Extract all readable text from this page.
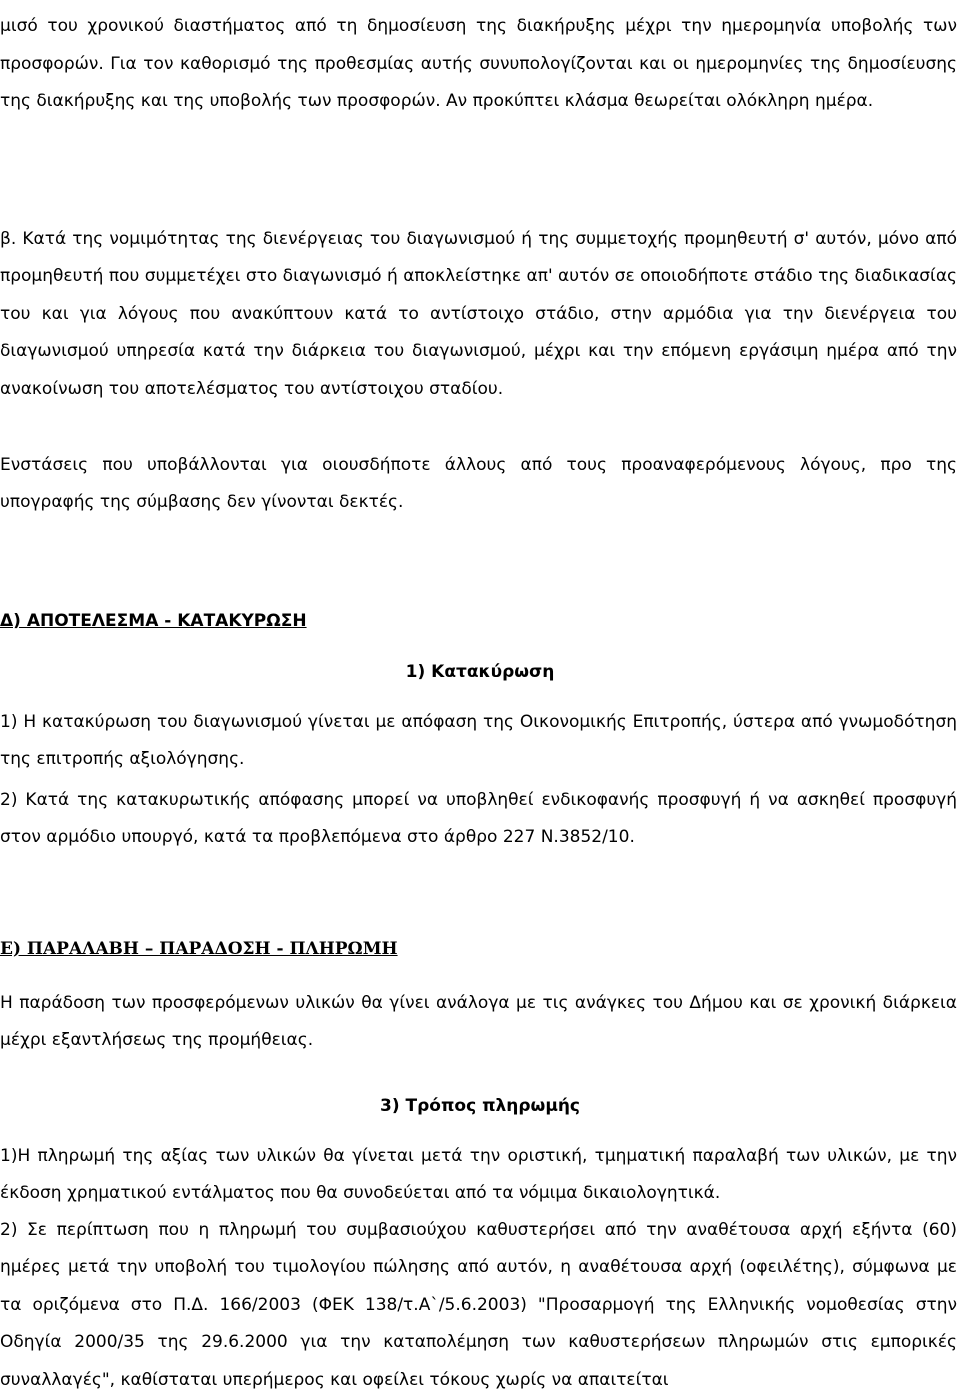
μισό του χρονικού διαστήματος από τη δημοσίευση της διακήρυξης μέχρι την ημερομηνία υποβολής των προσφορών. Για τον καθορισμό της προθεσμίας αυτής συνυπολογίζονται και οι ημερομηνίες της δημοσίευσης της διακήρυξης και της υποβολής των προσφορών. Αν προκύπτει κλάσμα θεωρείται ολόκληρη ημέρα.

β. Κατά της νομιμότητας της διενέργειας του διαγωνισμού ή της συμμετοχής προμηθευτή σ' αυτόν, μόνο από προμηθευτή που συμμετέχει στο διαγωνισμό ή αποκλείστηκε απ' αυτόν σε οποιοδήποτε στάδιο της διαδικασίας του και για λόγους που ανακύπτουν κατά το αντίστοιχο στάδιο, στην αρμόδια για την διενέργεια του διαγωνισμού υπηρεσία κατά την διάρκεια του διαγωνισμού, μέχρι και την επόμενη εργάσιμη ημέρα από την ανακοίνωση του αποτελέσματος του αντίστοιχου σταδίου.

Ενστάσεις που υποβάλλονται για οιουσδήποτε άλλους από τους προαναφερόμενους λόγους, προ της υπογραφής της σύμβασης δεν γίνονται δεκτές.

Δ) ΑΠΟΤΕΛΕΣΜΑ - ΚΑΤΑΚΥΡΩΣΗ
1) Κατακύρωση

1) Η κατακύρωση του διαγωνισμού γίνεται με απόφαση της Οικονομικής Επιτροπής, ύστερα από γνωμοδότηση της επιτροπής αξιολόγησης.

2) Κατά της κατακυρωτικής απόφασης μπορεί να υποβληθεί ενδικοφανής προσφυγή ή να ασκηθεί προσφυγή στον αρμόδιο υπουργό, κατά τα προβλεπόμενα στο άρθρο 227 Ν.3852/10.

Ε) ΠΑΡΑΛΑΒΗ – ΠΑΡΑΔΟΣΗ - ΠΛΗΡΩΜΗ

Η παράδοση των προσφερόμενων υλικών θα γίνει ανάλογα με τις ανάγκες του Δήμου και σε χρονική διάρκεια μέχρι εξαντλήσεως της προμήθειας.

3) Τρόπος πληρωμής

1)Η πληρωμή της αξίας των υλικών θα γίνεται μετά την οριστική, τμηματική παραλαβή των υλικών, με την έκδοση χρηματικού εντάλματος που θα συνοδεύεται από τα νόμιμα δικαιολογητικά.

2) Σε περίπτωση που η πληρωμή του συμβασιούχου καθυστερήσει από την αναθέτουσα αρχή εξήντα (60) ημέρες μετά την υποβολή του τιμολογίου πώλησης από αυτόν, η αναθέτουσα αρχή (οφειλέτης), σύμφωνα με τα οριζόμενα στο Π.Δ. 166/2003 (ΦΕΚ 138/τ.Α`/5.6.2003) "Προσαρμογή της Ελληνικής νομοθεσίας στην Οδηγία 2000/35 της 29.6.2000 για την καταπολέμηση των καθυστερήσεων πληρωμών στις εμπορικές συναλλαγές", καθίσταται υπερήμερος και οφείλει τόκους χωρίς να απαιτείται
